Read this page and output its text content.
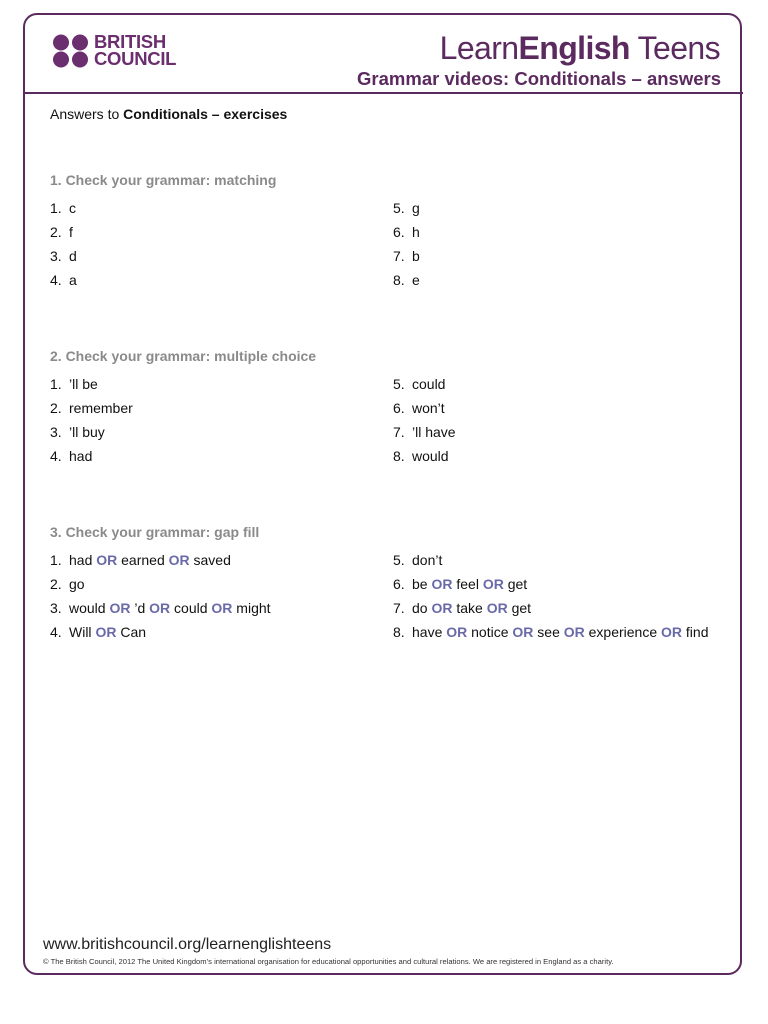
BRITISH
COUNCIL	LearnEnglish Teens
Grammar videos: Conditionals – answers
Answers to Conditionals – exercises
1. Check your grammar: matching
1. c
2. f
3. d
4. a
5. g
6. h
7. b
8. e
2. Check your grammar: multiple choice
1. ’ll be
2. remember
3. ’ll buy
4. had
5. could
6. won’t
7. ’ll have
8. would
3. Check your grammar: gap fill
1. had OR earned OR saved
2. go
3. would OR ’d OR could OR might
4. Will OR Can
5. don’t
6. be OR feel OR get
7. do OR take OR get
8. have OR notice OR see OR experience OR find
www.britishcouncil.org/learnenglishteens
© The British Council, 2012 The United Kingdom’s international organisation for educational opportunities and cultural relations. We are registered in England as a charity.
